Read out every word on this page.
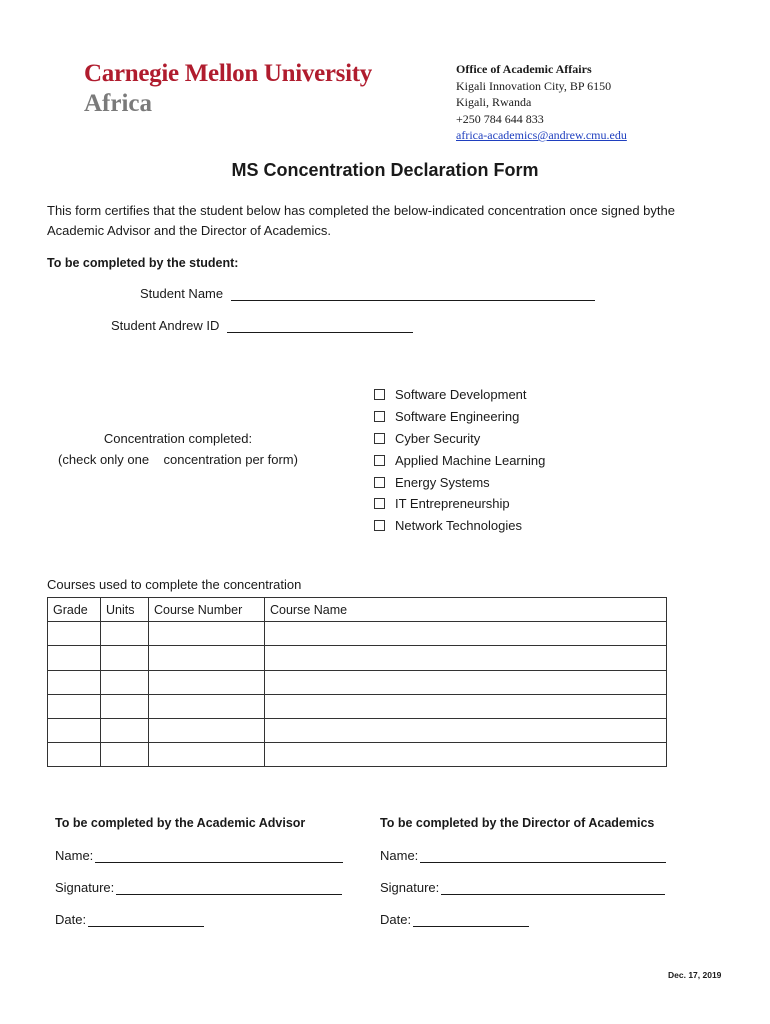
Carnegie Mellon University
Africa
Office of Academic Affairs
Kigali Innovation City, BP 6150
Kigali, Rwanda
+250 784 644 833
africa-academics@andrew.cmu.edu
MS Concentration Declaration Form
This form certifies that the student below has completed the below-indicated concentration once signed bythe Academic Advisor and the Director of Academics.
To be completed by the student:
Student Name
Student Andrew ID
Concentration completed:
(check only one    concentration per form)
Software Development
Software Engineering
Cyber Security
Applied Machine Learning
Energy Systems
IT Entrepreneurship
Network Technologies
Courses used to complete the concentration
Grade	Units	Course Number	Course Name

To be completed by the Academic Advisor
Name:
Signature:
Date:
To be completed by the Director of Academics
Name:
Signature:
Date:
Dec. 17, 2019
